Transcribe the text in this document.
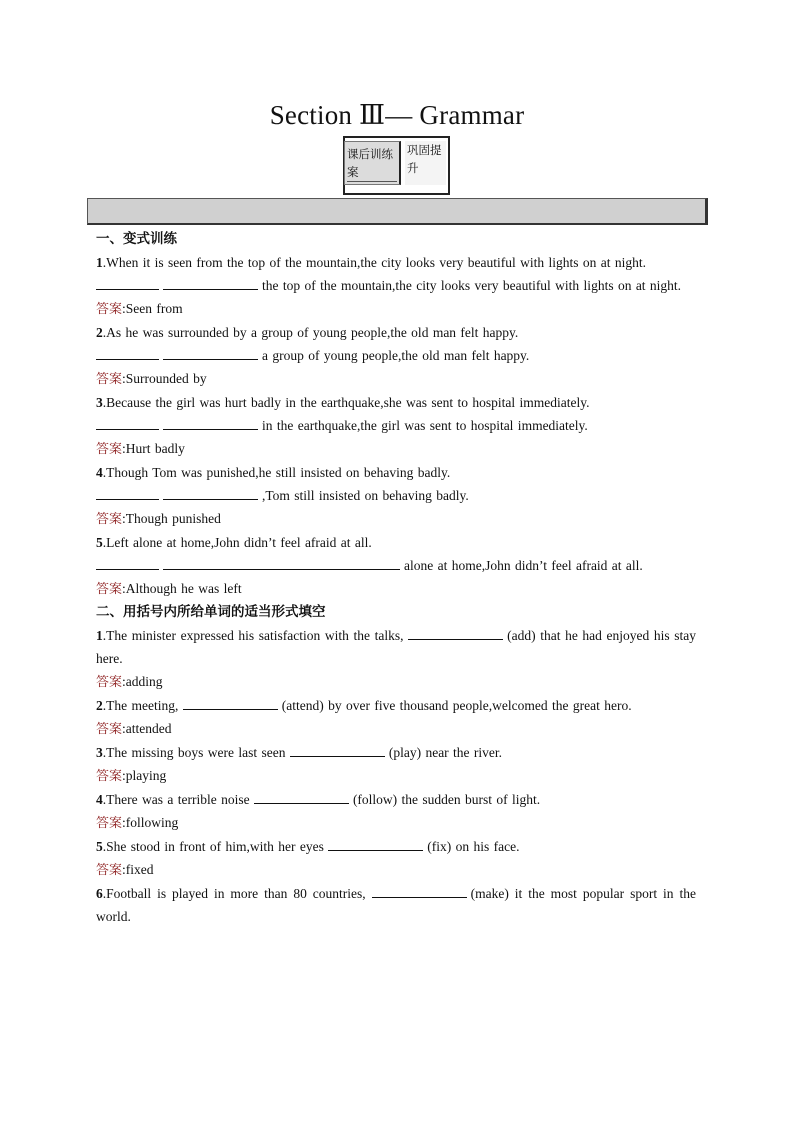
Section Ⅲ— Grammar
课后训练
案
巩固提
升

一、变式训练

1.When it is seen from the top of the mountain,the city looks very beautiful with lights on at night.

the top of the mountain,the city looks very beautiful with lights on at night.

答案:Seen from

2.As he was surrounded by a group of young people,the old man felt happy.

a group of young people,the old man felt happy.

答案:Surrounded by

3.Because the girl was hurt badly in the earthquake,she was sent to hospital immediately.

in the earthquake,the girl was sent to hospital immediately.

答案:Hurt badly

4.Though Tom was punished,he still insisted on behaving badly.

,Tom still insisted on behaving badly.

答案:Though punished

5.Left alone at home,John didn’t feel afraid at all.

alone at home,John didn’t feel afraid at all.

答案:Although he was left

二、用括号内所给单词的适当形式填空

1.The minister expressed his satisfaction with the talks,	(add) that he had enjoyed his stay here.

答案:adding

2.The meeting,	(attend) by over five thousand people,welcomed the great hero.

答案:attended

3.The missing boys were last seen	(play) near the river.

答案:playing

4.There was a terrible noise	(follow) the sudden burst of light.

答案:following

5.She stood in front of him,with her eyes	(fix) on his face.

答案:fixed

6.Football is played in more than 80 countries,	(make) it the most popular sport in the world.
